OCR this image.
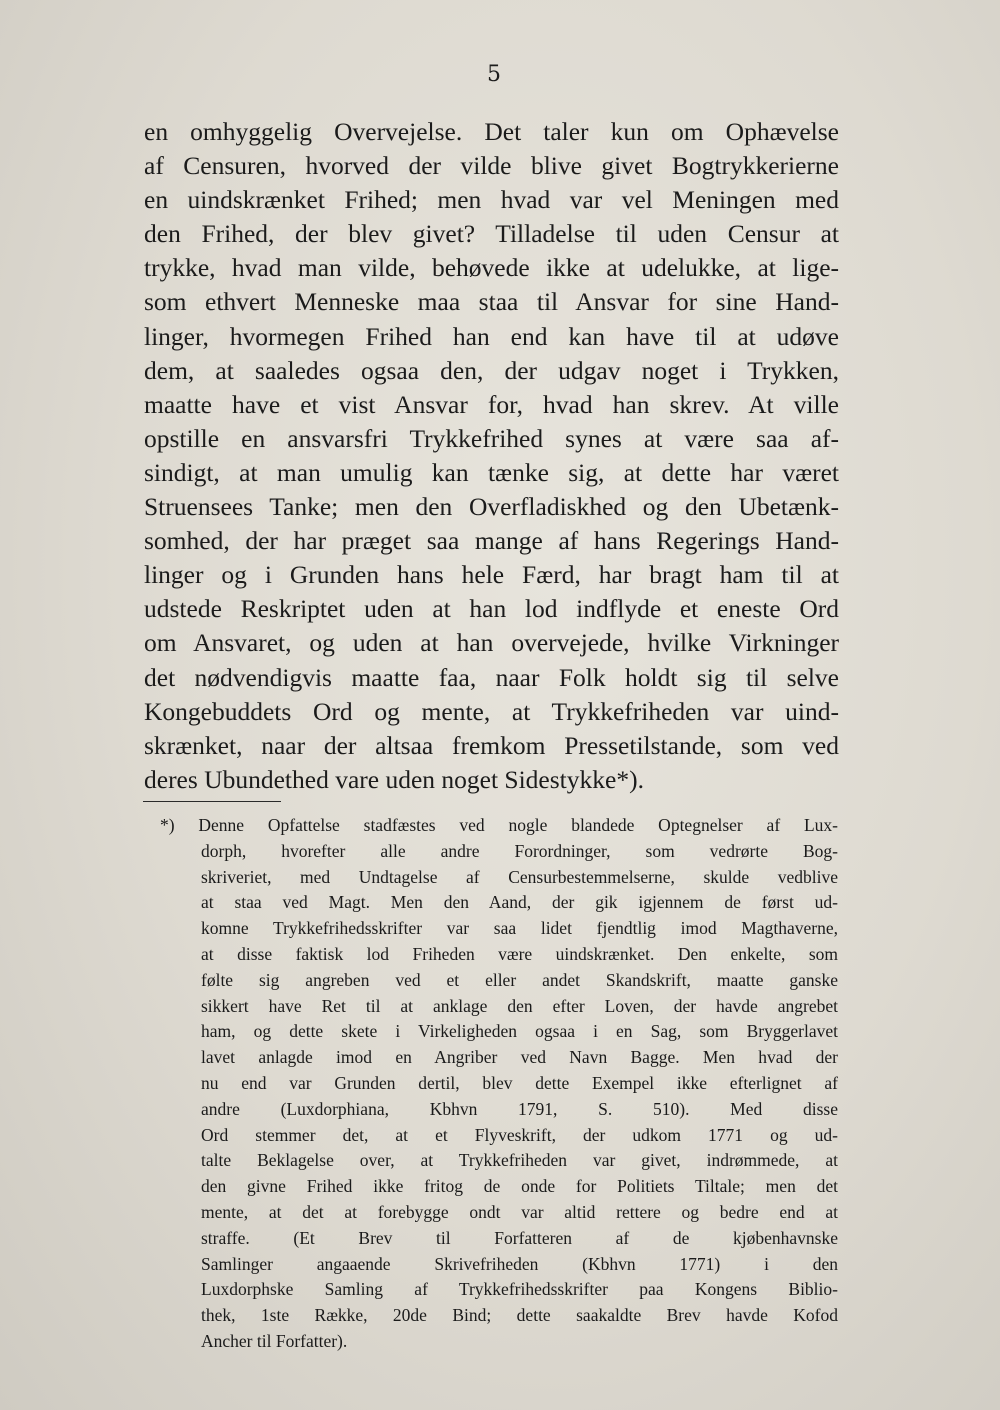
5
en omhyggelig Overvejelse. Det taler kun om Ophævelse
af Censuren, hvorved der vilde blive givet Bogtrykkerierne
en uindskrænket Frihed; men hvad var vel Meningen med
den Frihed, der blev givet? Tilladelse til uden Censur at
trykke, hvad man vilde, behøvede ikke at udelukke, at lige-
som ethvert Menneske maa staa til Ansvar for sine Hand-
linger, hvormegen Frihed han end kan have til at udøve
dem, at saaledes ogsaa den, der udgav noget i Trykken,
maatte have et vist Ansvar for, hvad han skrev. At ville
opstille en ansvarsfri Trykkefrihed synes at være saa af-
sindigt, at man umulig kan tænke sig, at dette har været
Struensees Tanke; men den Overfladiskhed og den Ubetænk-
somhed, der har præget saa mange af hans Regerings Hand-
linger og i Grunden hans hele Færd, har bragt ham til at
udstede Reskriptet uden at han lod indflyde et eneste Ord
om Ansvaret, og uden at han overvejede, hvilke Virkninger
det nødvendigvis maatte faa, naar Folk holdt sig til selve
Kongebuddets Ord og mente, at Trykkefriheden var uind-
skrænket, naar der altsaa fremkom Pressetilstande, som ved
deres Ubundethed vare uden noget Sidestykke*).
*) Denne Opfattelse stadfæstes ved nogle blandede Optegnelser af Lux-
dorph, hvorefter alle andre Forordninger, som vedrørte Bog-
skriveriet, med Undtagelse af Censurbestemmelserne, skulde vedblive
at staa ved Magt. Men den Aand, der gik igjennem de først ud-
komne Trykkefrihedsskrifter var saa lidet fjendtlig imod Magthaverne,
at disse faktisk lod Friheden være uindskrænket. Den enkelte, som
følte sig angreben ved et eller andet Skandskrift, maatte ganske
sikkert have Ret til at anklage den efter Loven, der havde angrebet
ham, og dette skete i Virkeligheden ogsaa i en Sag, som Bryggerlavet
lavet anlagde imod en Angriber ved Navn Bagge. Men hvad der
nu end var Grunden dertil, blev dette Exempel ikke efterlignet af
andre (Luxdorphiana, Kbhvn 1791, S. 510). Med disse
Ord stemmer det, at et Flyveskrift, der udkom 1771 og ud-
talte Beklagelse over, at Trykkefriheden var givet, indrømmede, at
den givne Frihed ikke fritog de onde for Politiets Tiltale; men det
mente, at det at forebygge ondt var altid rettere og bedre end at
straffe. (Et Brev til Forfatteren af de kjøbenhavnske
Samlinger angaaende Skrivefriheden (Kbhvn 1771) i den
Luxdorphske Samling af Trykkefrihedsskrifter paa Kongens Biblio-
thek, 1ste Række, 20de Bind; dette saakaldte Brev havde Kofod
Ancher til Forfatter).
